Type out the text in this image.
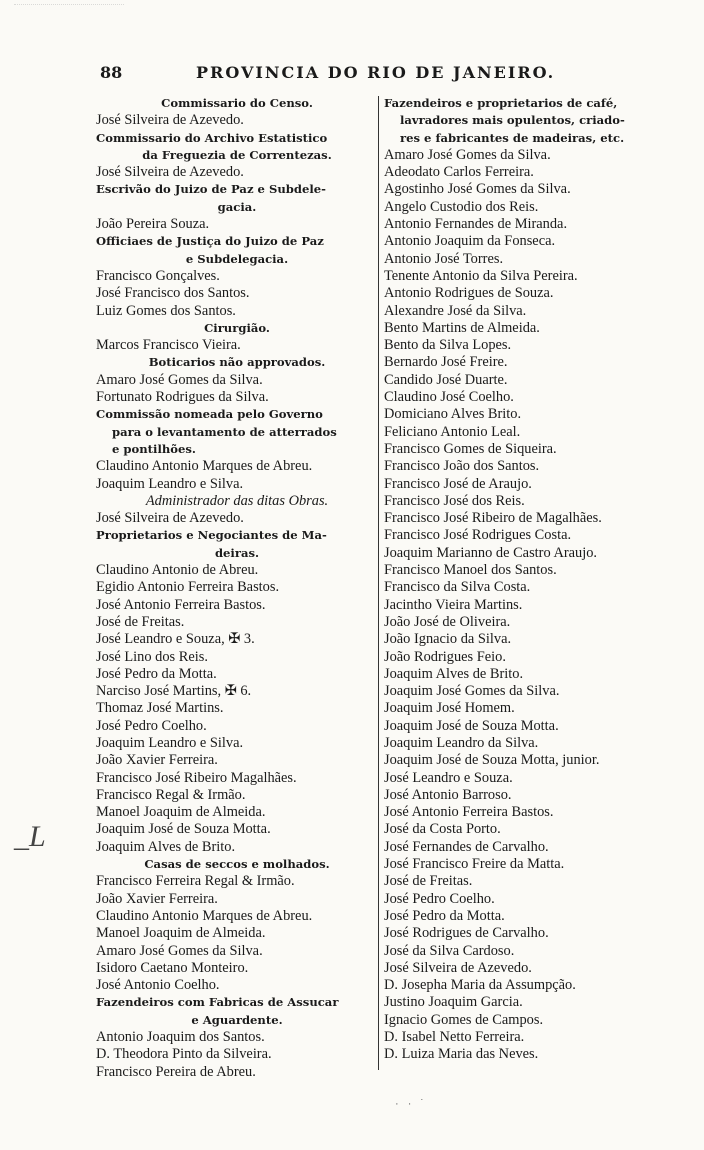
88	PROVINCIA DO RIO DE JANEIRO.
Commissario do Censo.
José Silveira de Azevedo.
Commissario do Archivo Estatistico
da Freguezia de Correntezas.
José Silveira de Azevedo.
Escrivão do Juizo de Paz e Subdele-
gacia.
João Pereira Souza.
Officiaes de Justiça do Juizo de Paz
e Subdelegacia.
Francisco Gonçalves.
José Francisco dos Santos.
Luiz Gomes dos Santos.
Cirurgião.
Marcos Francisco Vieira.
Boticarios não approvados.
Amaro José Gomes da Silva.
Fortunato Rodrigues da Silva.
Commissão nomeada pelo Governo
para o levantamento de atterrados
e pontilhões.
Claudino Antonio Marques de Abreu.
Joaquim Leandro e Silva.
Administrador das ditas Obras.
José Silveira de Azevedo.
Proprietarios e Negociantes de Ma-
deiras.
Claudino Antonio de Abreu.
Egidio Antonio Ferreira Bastos.
José Antonio Ferreira Bastos.
José de Freitas.
José Leandro e Souza, ✠ 3.
José Lino dos Reis.
José Pedro da Motta.
Narciso José Martins, ✠ 6.
Thomaz José Martins.
José Pedro Coelho.
Joaquim Leandro e Silva.
João Xavier Ferreira.
Francisco José Ribeiro Magalhães.
Francisco Regal & Irmão.
Manoel Joaquim de Almeida.
Joaquim José de Souza Motta.
Joaquim Alves de Brito.
Casas de seccos e molhados.
Francisco Ferreira Regal & Irmão.
João Xavier Ferreira.
Claudino Antonio Marques de Abreu.
Manoel Joaquim de Almeida.
Amaro José Gomes da Silva.
Isidoro Caetano Monteiro.
José Antonio Coelho.
Fazendeiros com Fabricas de Assucar
e Aguardente.
Antonio Joaquim dos Santos.
D. Theodora Pinto da Silveira.
Francisco Pereira de Abreu.
Fazendeiros e proprietarios de café,
lavradores mais opulentos, criado-
res e fabricantes de madeiras, etc.
Amaro José Gomes da Silva.
Adeodato Carlos Ferreira.
Agostinho José Gomes da Silva.
Angelo Custodio dos Reis.
Antonio Fernandes de Miranda.
Antonio Joaquim da Fonseca.
Antonio José Torres.
Tenente Antonio da Silva Pereira.
Antonio Rodrigues de Souza.
Alexandre José da Silva.
Bento Martins de Almeida.
Bento da Silva Lopes.
Bernardo José Freire.
Candido José Duarte.
Claudino José Coelho.
Domiciano Alves Brito.
Feliciano Antonio Leal.
Francisco Gomes de Siqueira.
Francisco João dos Santos.
Francisco José de Araujo.
Francisco José dos Reis.
Francisco José Ribeiro de Magalhães.
Francisco José Rodrigues Costa.
Joaquim Marianno de Castro Araujo.
Francisco Manoel dos Santos.
Francisco da Silva Costa.
Jacintho Vieira Martins.
João José de Oliveira.
João Ignacio da Silva.
João Rodrigues Feio.
Joaquim Alves de Brito.
Joaquim José Gomes da Silva.
Joaquim José Homem.
Joaquim José de Souza Motta.
Joaquim Leandro da Silva.
Joaquim José de Souza Motta, junior.
José Leandro e Souza.
José Antonio Barroso.
José Antonio Ferreira Bastos.
José da Costa Porto.
José Fernandes de Carvalho.
José Francisco Freire da Matta.
José de Freitas.
José Pedro Coelho.
José Pedro da Motta.
José Rodrigues de Carvalho.
José da Silva Cardoso.
José Silveira de Azevedo.
D. Josepha Maria da Assumpção.
Justino Joaquim Garcia.
Ignacio Gomes de Campos.
D. Isabel Netto Ferreira.
D. Luiza Maria das Neves.
_L
· · ˙
